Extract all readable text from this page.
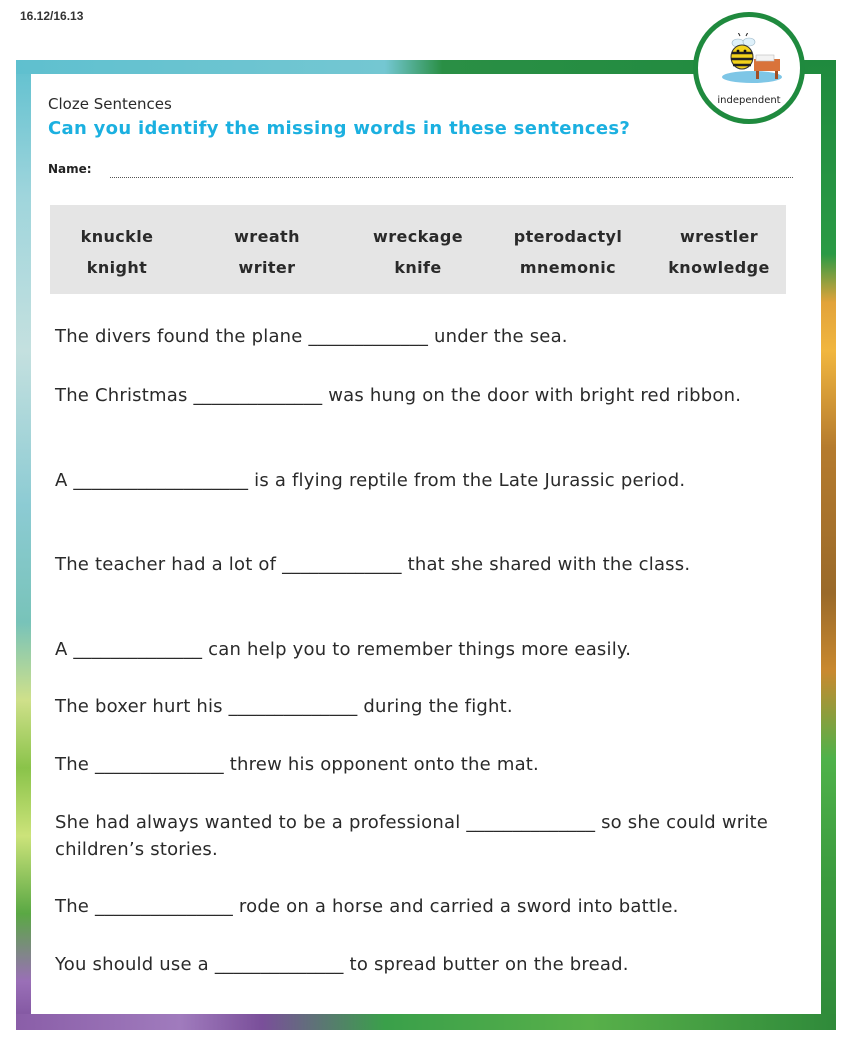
16.12/16.13
independent
Cloze Sentences
Can you identify the missing words in these sentences?
Name:
knuckle
knight
wreath
writer
wreckage
knife
pterodactyl
mnemonic
wrestler
knowledge
The divers found the plane _____________ under the sea.
The Christmas ______________ was hung on the door with bright red ribbon.
A ___________________ is a flying reptile from the Late Jurassic period.
The teacher had a lot of _____________ that she shared with the class.
A ______________ can help you to remember things more easily.
The boxer hurt his ______________ during the fight.
The ______________ threw his opponent onto the mat.
She had always wanted to be a professional ______________ so she could write children’s stories.
The _______________ rode on a horse and carried a sword into battle.
You should use a ______________ to spread butter on the bread.
